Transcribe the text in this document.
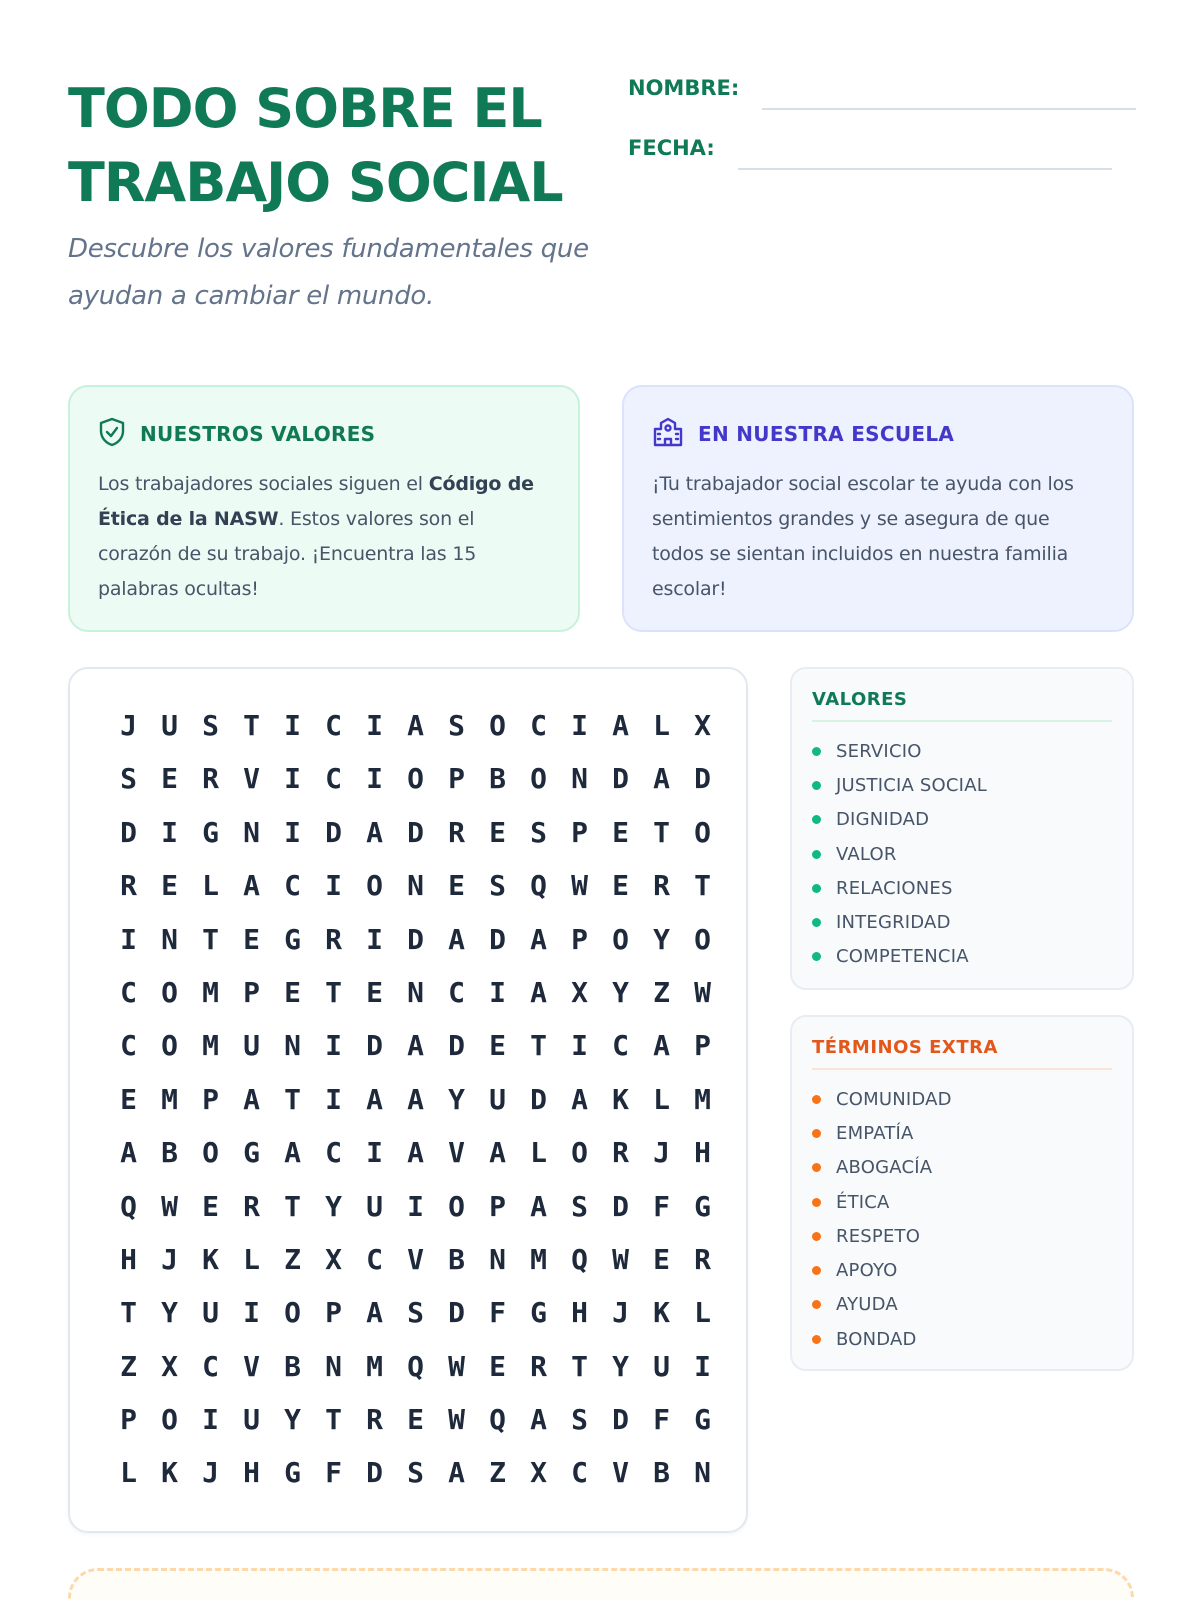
TODO SOBRE EL
TRABAJO SOCIAL
Descubre los valores fundamentales que ayudan a cambiar el mundo.
NOMBRE:
FECHA:
NUESTROS VALORES
Los trabajadores sociales siguen el Código de Ética de la NASW. Estos valores son el corazón de su trabajo. ¡Encuentra las 15 palabras ocultas!
EN NUESTRA ESCUELA
¡Tu trabajador social escolar te ayuda con los sentimientos grandes y se asegura de que todos se sientan incluidos en nuestra familia escolar!
J U S T I C I A S O C I A L X
S E R V I C I O P B O N D A D
D I G N I D A D R E S P E T O
R E L A C I O N E S Q W E R T
I N T E G R I D A D A P O Y O
C O M P E T E N C I A X Y Z W
C O M U N I D A D E T I C A P
E M P A T I A A Y U D A K L M
A B O G A C I A V A L O R J H
Q W E R T Y U I O P A S D F G
H J K L Z X C V B N M Q W E R
T Y U I O P A S D F G H J K L
Z X C V B N M Q W E R T Y U I
P O I U Y T R E W Q A S D F G
L K J H G F D S A Z X C V B N
VALORES
SERVICIO
JUSTICIA SOCIAL
DIGNIDAD
VALOR
RELACIONES
INTEGRIDAD
COMPETENCIA
TÉRMINOS EXTRA
COMUNIDAD
EMPATÍA
ABOGACÍA
ÉTICA
RESPETO
APOYO
AYUDA
BONDAD
